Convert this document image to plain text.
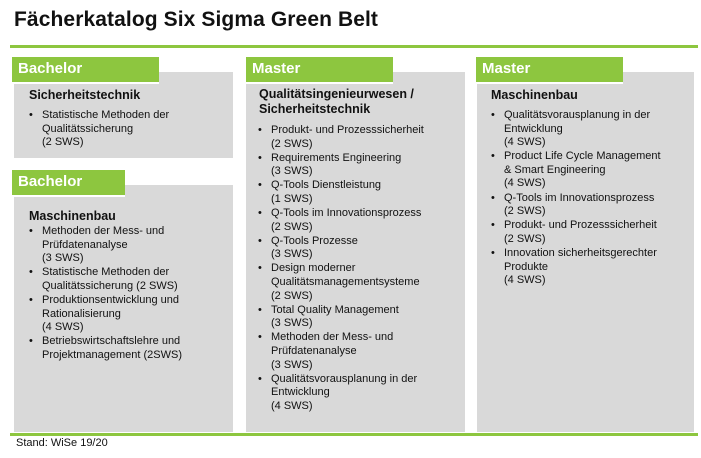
Fächerkatalog Six Sigma Green Belt
Bachelor
Sicherheitstechnik
• Statistische Methoden der
Qualitätssicherung
(2 SWS)
Bachelor
Maschinenbau
• Methoden der Mess- und
Prüfdatenanalyse
(3 SWS)
• Statistische Methoden der
Qualitätssicherung (2 SWS)
• Produktionsentwicklung und
Rationalisierung
(4 SWS)
• Betriebswirtschaftslehre und
Projektmanagement (2SWS)
Master
Qualitätsingenieurwesen /
Sicherheitstechnik
• Produkt- und Prozesssicherheit
(2 SWS)
• Requirements Engineering
(3 SWS)
• Q-Tools Dienstleistung
(1 SWS)
• Q-Tools im Innovationsprozess
(2 SWS)
• Q-Tools Prozesse
(3 SWS)
• Design moderner
Qualitätsmanagementsysteme
(2 SWS)
• Total Quality Management
(3 SWS)
• Methoden der Mess- und
Prüfdatenanalyse
(3 SWS)
• Qualitätsvorausplanung in der
Entwicklung
(4 SWS)
Master
Maschinenbau
• Qualitätsvorausplanung in der
Entwicklung
(4 SWS)
• Product Life Cycle Management
& Smart Engineering
(4 SWS)
• Q-Tools im Innovationsprozess
(2 SWS)
• Produkt- und Prozesssicherheit
(2 SWS)
• Innovation sicherheitsgerechter
Produkte
(4 SWS)
Stand: WiSe 19/20
